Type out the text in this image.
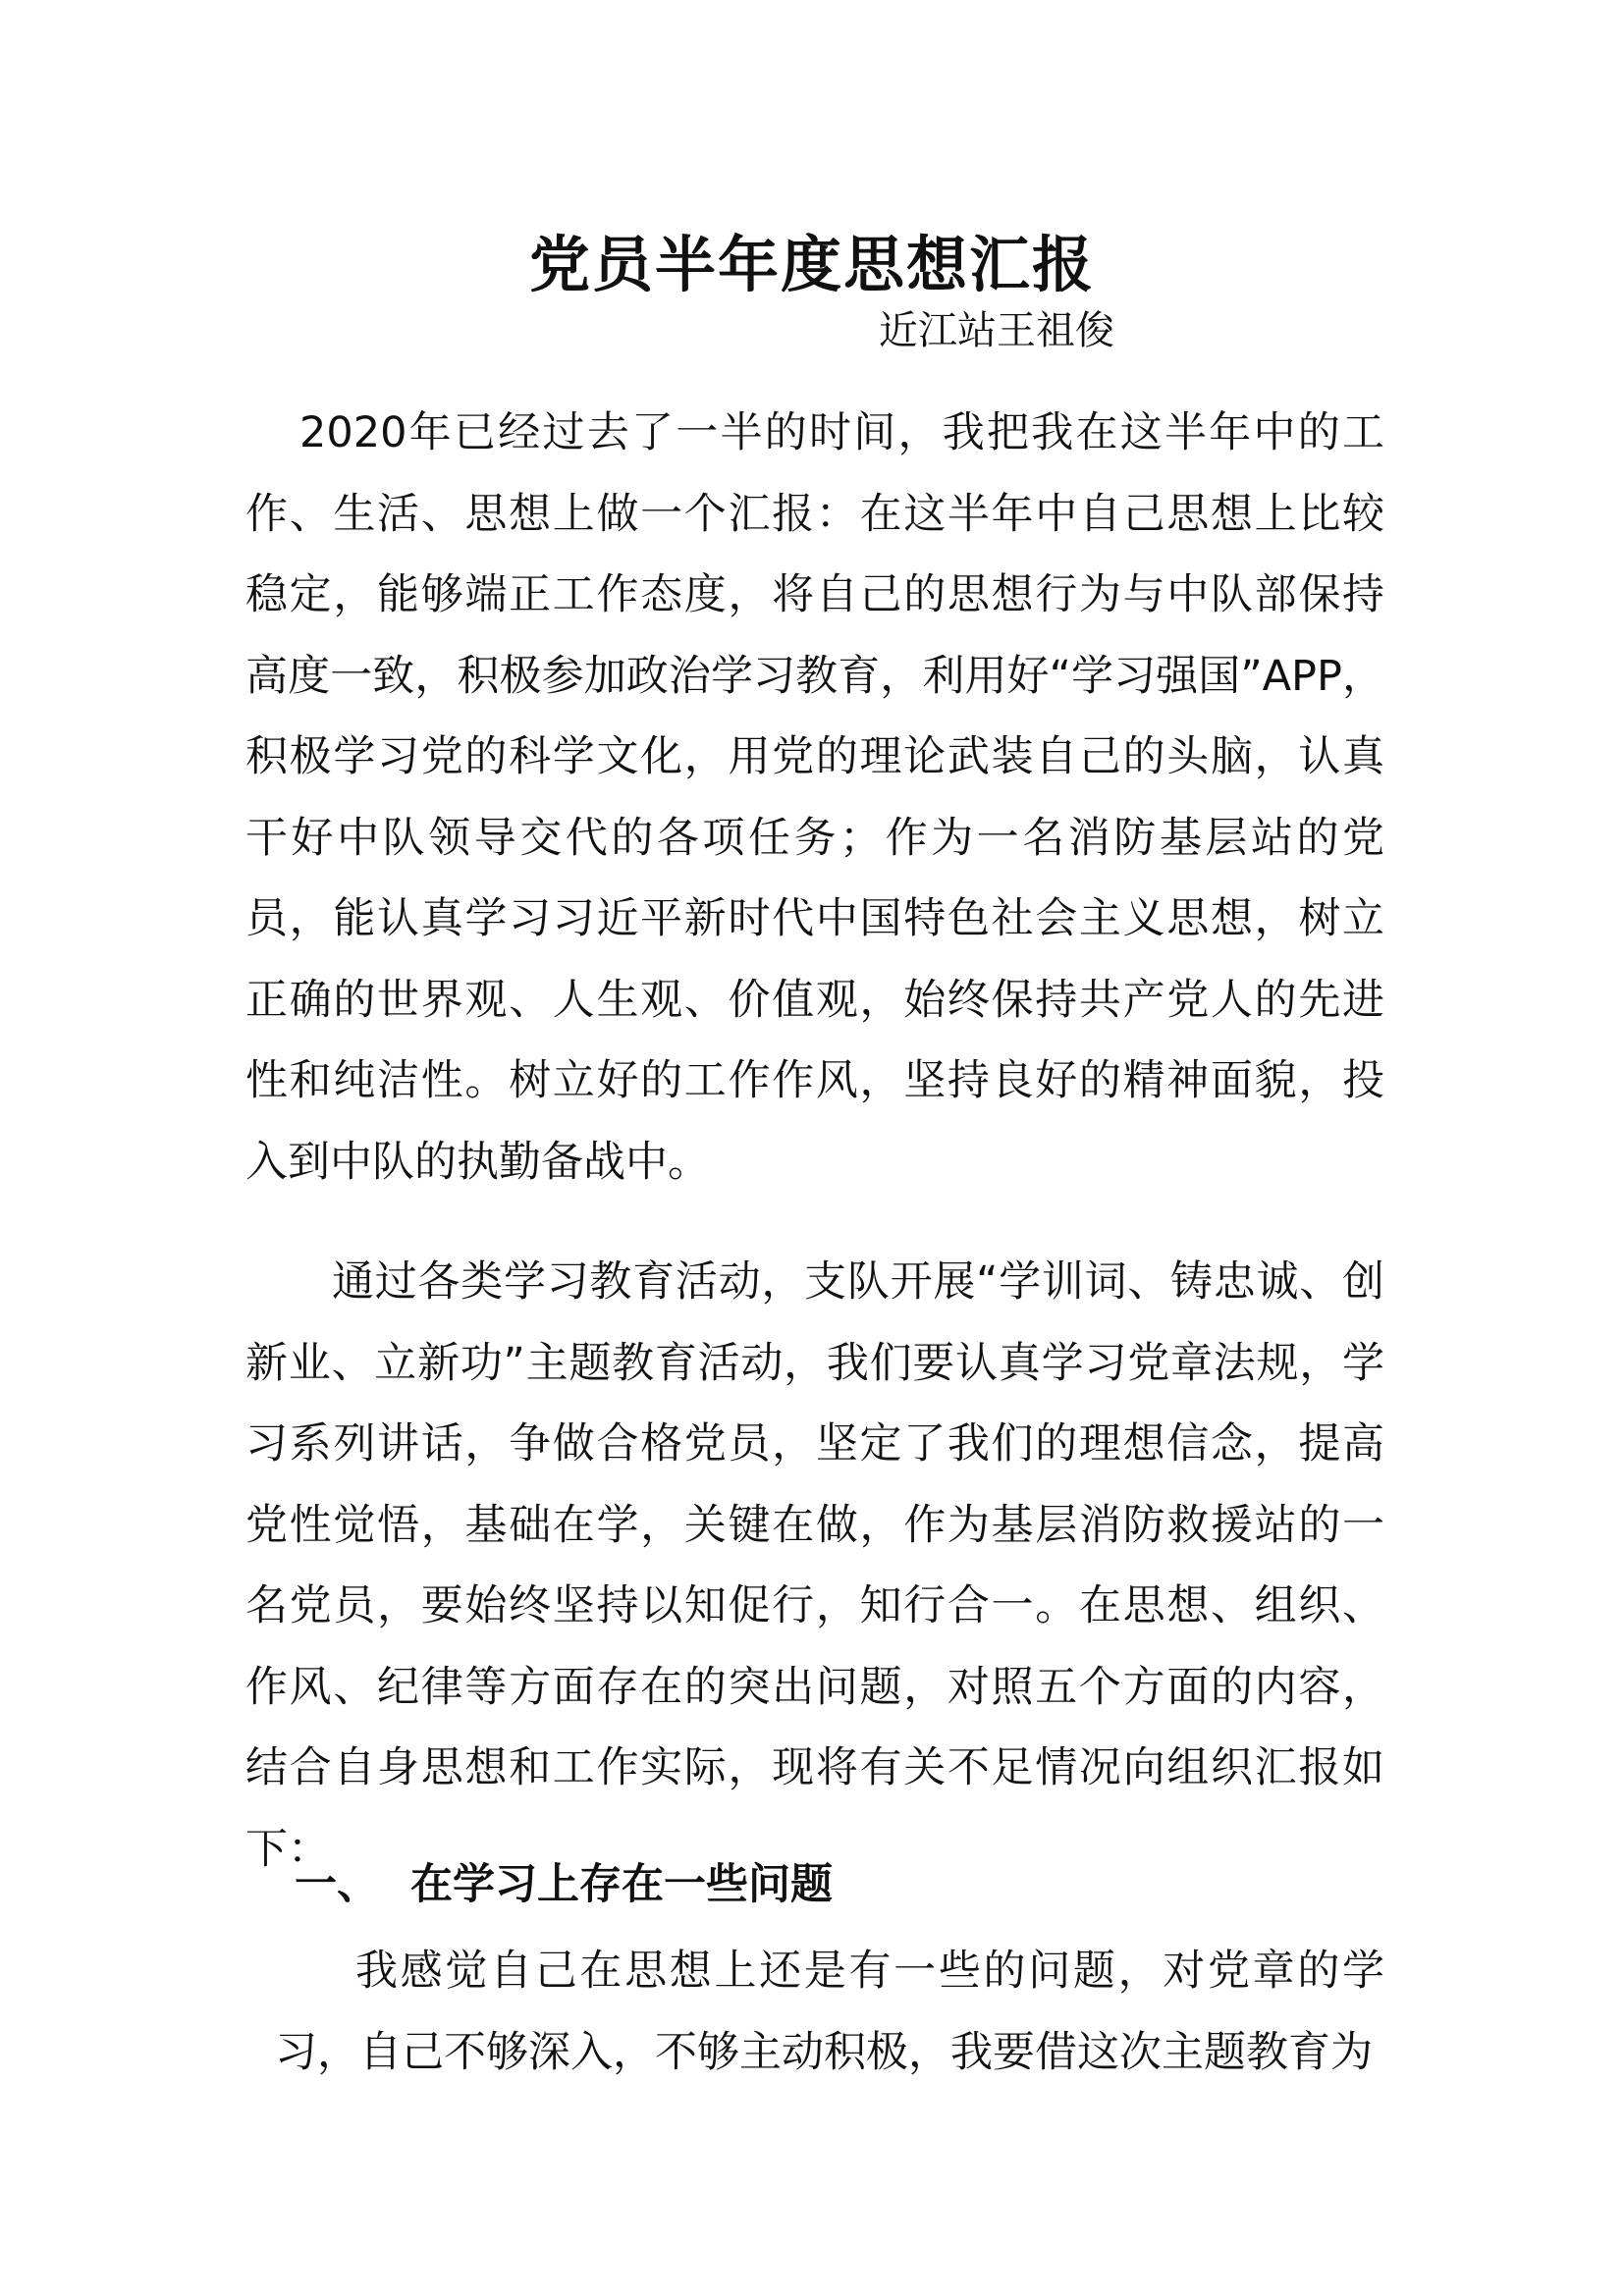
党员半年度思想汇报

近江站王祖俊

2020年已经过去了一半的时间，我把我在这半年中的工作、生活、思想上做一个汇报：在这半年中自己思想上比较稳定，能够端正工作态度，将自己的思想行为与中队部保持高度一致，积极参加政治学习教育，利用好“学习强国”APP，积极学习党的科学文化，用党的理论武装自己的头脑，认真干好中队领导交代的各项任务；作为一名消防基层站的党员，能认真学习习近平新时代中国特色社会主义思想，树立正确的世界观、人生观、价值观，始终保持共产党人的先进性和纯洁性。树立好的工作作风，坚持良好的精神面貌，投入到中队的执勤备战中。

通过各类学习教育活动，支队开展“学训词、铸忠诚、创新业、立新功”主题教育活动，我们要认真学习党章法规，学习系列讲话，争做合格党员，坚定了我们的理想信念，提高党性觉悟，基础在学，关键在做，作为基层消防救援站的一名党员，要始终坚持以知促行，知行合一。在思想、组织、作风、纪律等方面存在的突出问题，对照五个方面的内容，结合自身思想和工作实际，现将有关不足情况向组织汇报如下：

一、 在学习上存在一些问题

我感觉自己在思想上还是有一些的问题，对党章的学习，自己不够深入，不够主动积极，我要借这次主题教育为
